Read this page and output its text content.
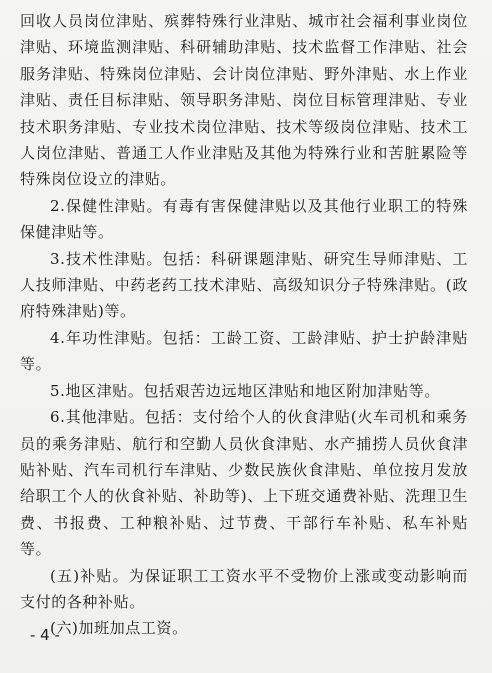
回收人员岗位津贴、殡葬特殊行业津贴、城市社会福利事业岗位津贴、环境监测津贴、科研辅助津贴、技术监督工作津贴、社会服务津贴、特殊岗位津贴、会计岗位津贴、野外津贴、水上作业津贴、责任目标津贴、领导职务津贴、岗位目标管理津贴、专业技术职务津贴、专业技术岗位津贴、技术等级岗位津贴、技术工人岗位津贴、普通工人作业津贴及其他为特殊行业和苦脏累险等特殊岗位设立的津贴。

2.保健性津贴。有毒有害保健津贴以及其他行业职工的特殊保健津贴等。

3.技术性津贴。包括：科研课题津贴、研究生导师津贴、工人技师津贴、中药老药工技术津贴、高级知识分子特殊津贴。(政府特殊津贴)等。

4.年功性津贴。包括：工龄工资、工龄津贴、护士护龄津贴等。

5.地区津贴。包括艰苦边远地区津贴和地区附加津贴等。

6.其他津贴。包括：支付给个人的伙食津贴(火车司机和乘务员的乘务津贴、航行和空勤人员伙食津贴、水产捕捞人员伙食津贴补贴、汽车司机行车津贴、少数民族伙食津贴、单位按月发放给职工个人的伙食补贴、补助等)、上下班交通费补贴、洗理卫生费、书报费、工种粮补贴、过节费、干部行车补贴、私车补贴等。

(五)补贴。为保证职工工资水平不受物价上涨或变动影响而支付的各种补贴。

(六)加班加点工资。

- 4 -
